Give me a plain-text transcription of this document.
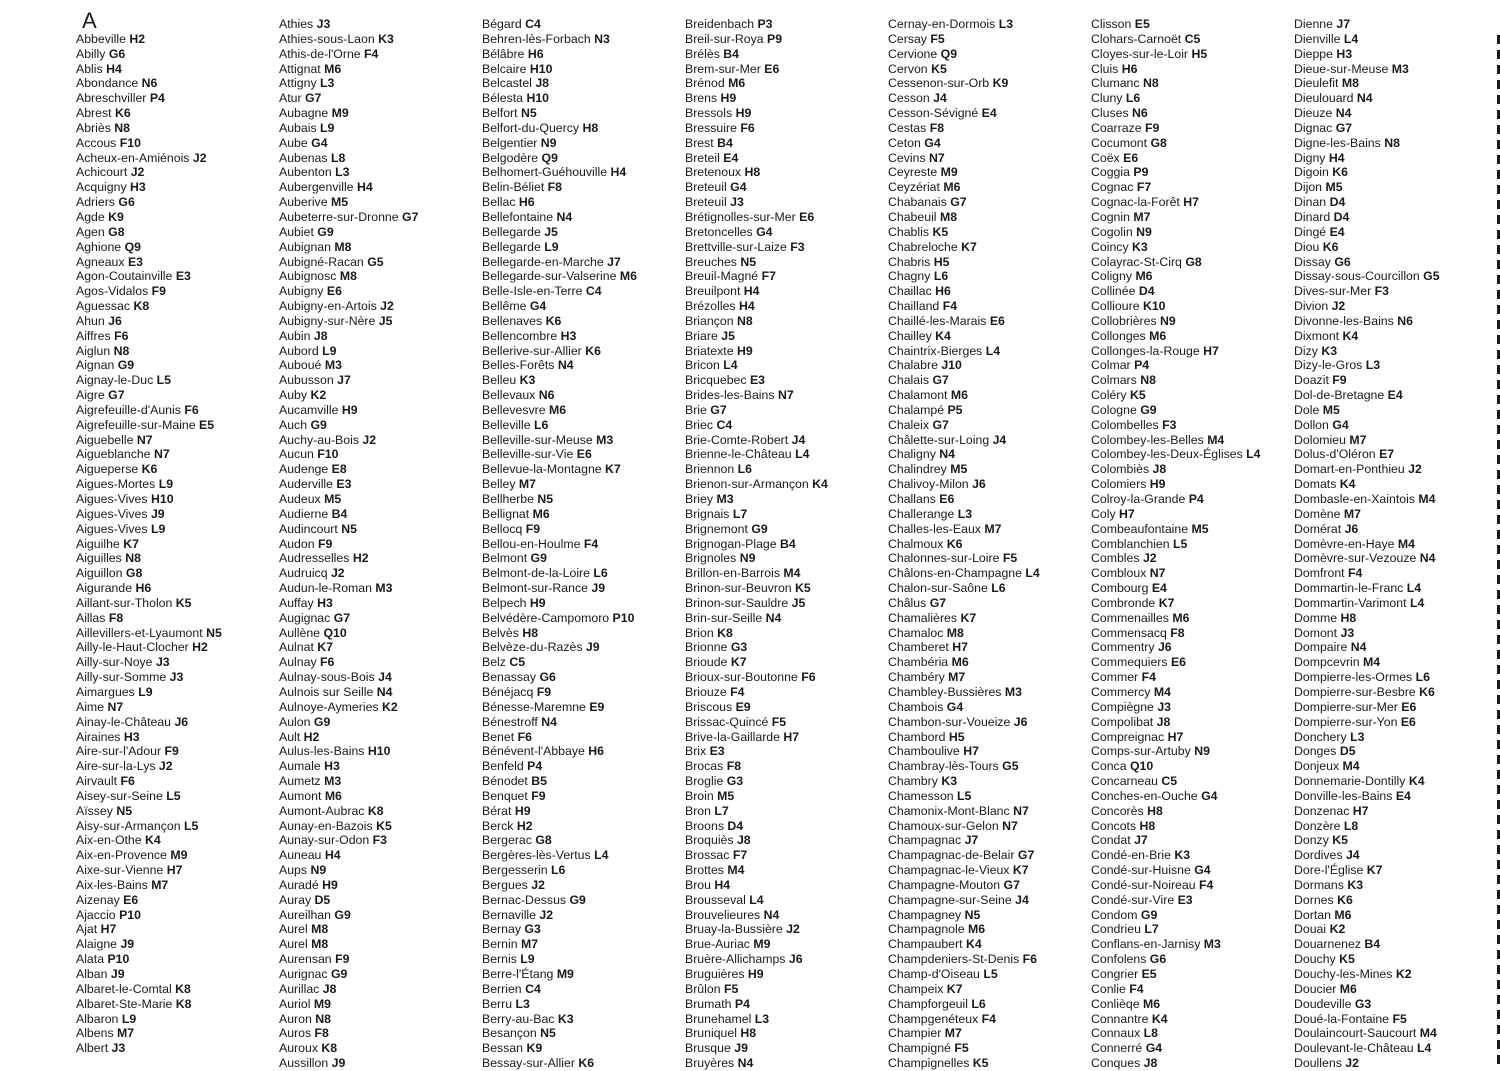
A
Abbeville H2
Abilly G6
Ablis H4
Abondance N6
Abreschviller P4
Abrest K6
Abriès N8
Accous F10
Acheux-en-Amiénois J2
Achicourt J2
Acquigny H3
Adriers G6
Agde K9
Agen G8
Aghione Q9
Agneaux E3
Agon-Coutainville E3
Agos-Vidalos F9
Aguessac K8
Ahun J6
Aiffres F6
Aiglun N8
Aignan G9
Aignay-le-Duc L5
Aigre G7
Aigrefeuille-d'Aunis F6
Aigrefeuille-sur-Maine E5
Aiguebelle N7
Aigueblanche N7
Aigueperse K6
Aigues-Mortes L9
Aigues-Vives H10
Aigues-Vives J9
Aigues-Vives L9
Aiguilhe K7
Aiguilles N8
Aiguillon G8
Aigurande H6
Aillant-sur-Tholon K5
Aillas F8
Aillevillers-et-Lyaumont N5
Ailly-le-Haut-Clocher H2
Ailly-sur-Noye J3
Ailly-sur-Somme J3
Aimargues L9
Aime N7
Ainay-le-Château J6
Airaines H3
Aire-sur-l'Adour F9
Aire-sur-la-Lys J2
Airvault F6
Aisey-sur-Seine L5
Aïssey N5
Aisy-sur-Armançon L5
Aix-en-Othe K4
Aix-en-Provence M9
Aixe-sur-Vienne H7
Aix-les-Bains M7
Aizenay E6
Ajaccio P10
Ajat H7
Alaigne J9
Alata P10
Alban J9
Albaret-le-Comtal K8
Albaret-Ste-Marie K8
Albaron L9
Albens M7
Albert J3
Athies J3
Athies-sous-Laon K3
Athis-de-l'Orne F4
Attignat M6
Attigny L3
Atur G7
Aubagne M9
Aubais L9
Aube G4
Aubenas L8
Aubenton L3
Aubergenville H4
Auberive M5
Aubeterre-sur-Dronne G7
Aubiet G9
Aubignan M8
Aubigné-Racan G5
Aubignosc M8
Aubigny E6
Aubigny-en-Artois J2
Aubigny-sur-Nère J5
Aubin J8
Aubord L9
Auboué M3
Aubusson J7
Auby K2
Aucamville H9
Auch G9
Auchy-au-Bois J2
Aucun F10
Audenge E8
Auderville E3
Audeux M5
Audierne B4
Audincourt N5
Audon F9
Audresselles H2
Audruicq J2
Audun-le-Roman M3
Auffay H3
Augignac G7
Aullène Q10
Aulnat K7
Aulnay F6
Aulnay-sous-Bois J4
Aulnois sur Seille N4
Aulnoye-Aymeries K2
Aulon G9
Ault H2
Aulus-les-Bains H10
Aumale H3
Aumetz M3
Aumont M6
Aumont-Aubrac K8
Aunay-en-Bazois K5
Aunay-sur-Odon F3
Auneau H4
Aups N9
Auradé H9
Auray D5
Aureilhan G9
Aurel M8
Aurel M8
Aurensan F9
Aurignac G9
Aurillac J8
Auriol M9
Auron N8
Auros F8
Auroux K8
Aussillon J9
Bégard C4
Behren-lès-Forbach N3
Bélâbre H6
Belcaire H10
Belcastel J8
Bélesta H10
Belfort N5
Belfort-du-Quercy H8
Belgentier N9
Belgodère Q9
Belhomert-Guéhouville H4
Belin-Béliet F8
Bellac H6
Bellefontaine N4
Bellegarde J5
Bellegarde L9
Bellegarde-en-Marche J7
Bellegarde-sur-Valserine M6
Belle-Isle-en-Terre C4
Bellême G4
Bellenaves K6
Bellencombre H3
Bellerive-sur-Allier K6
Belles-Forêts N4
Belleu K3
Bellevaux N6
Bellevesvre M6
Belleville L6
Belleville-sur-Meuse M3
Belleville-sur-Vie E6
Bellevue-la-Montagne K7
Belley M7
Bellherbe N5
Bellignat M6
Bellocq F9
Bellou-en-Houlme F4
Belmont G9
Belmont-de-la-Loire L6
Belmont-sur-Rance J9
Belpech H9
Belvédère-Campomoro P10
Belvès H8
Belvèze-du-Razès J9
Belz C5
Benassay G6
Bénéjacq F9
Bénesse-Maremne E9
Bénestroff N4
Benet F6
Bénévent-l'Abbaye H6
Benfeld P4
Bénodet B5
Benquet F9
Bérat H9
Berck H2
Bergerac G8
Bergères-lès-Vertus L4
Bergesserin L6
Bergues J2
Bernac-Dessus G9
Bernaville J2
Bernay G3
Bernin M7
Bernis L9
Berre-l'Étang M9
Berrien C4
Berru L3
Berry-au-Bac K3
Besançon N5
Bessan K9
Bessay-sur-Allier K6
Breidenbach P3
Breil-sur-Roya P9
Brélès B4
Brem-sur-Mer E6
Brénod M6
Brens H9
Bressols H9
Bressuire F6
Brest B4
Breteil E4
Bretenoux H8
Breteuil G4
Breteuil J3
Brétignolles-sur-Mer E6
Bretoncelles G4
Brettville-sur-Laize F3
Breuches N5
Breuil-Magné F7
Breuilpont H4
Brézolles H4
Briançon N8
Briare J5
Briatexte H9
Bricon L4
Bricquebec E3
Brides-les-Bains N7
Brie G7
Briec C4
Brie-Comte-Robert J4
Brienne-le-Château L4
Briennon L6
Brienon-sur-Armançon K4
Briey M3
Brignais L7
Brignemont G9
Brignogan-Plage B4
Brignoles N9
Brillon-en-Barrois M4
Brinon-sur-Beuvron K5
Brinon-sur-Sauldre J5
Brin-sur-Seille N4
Brion K8
Brionne G3
Brioude K7
Brioux-sur-Boutonne F6
Briouze F4
Briscous E9
Brissac-Quincé F5
Brive-la-Gaillarde H7
Brix E3
Brocas F8
Broglie G3
Broin M5
Bron L7
Broons D4
Broquiès J8
Brossac F7
Brottes M4
Brou H4
Brousseval L4
Brouvelieures N4
Bruay-la-Bussière J2
Brue-Auriac M9
Bruère-Allichamps J6
Bruguières H9
Brûlon F5
Brumath P4
Brunehamel L3
Bruniquel H8
Brusque J9
Bruyères N4
Cernay-en-Dormois L3
Cersay F5
Cervione Q9
Cervon K5
Cessenon-sur-Orb K9
Cesson J4
Cesson-Sévigné E4
Cestas F8
Ceton G4
Cevins N7
Ceyreste M9
Ceyzériat M6
Chabanais G7
Chabeuil M8
Chablis K5
Chabreloche K7
Chabris H5
Chagny L6
Chaillac H6
Chailland F4
Chaillé-les-Marais E6
Chailley K4
Chaintrix-Bierges L4
Chalabre J10
Chalais G7
Chalamont M6
Chalampé P5
Chaleix G7
Châlette-sur-Loing J4
Chaligny N4
Chalindrey M5
Chalivoy-Milon J6
Challans E6
Challerange L3
Challes-les-Eaux M7
Chalmoux K6
Chalonnes-sur-Loire F5
Châlons-en-Champagne L4
Chalon-sur-Saône L6
Châlus G7
Chamalières K7
Chamaloc M8
Chamberet H7
Chambéria M6
Chambéry M7
Chambley-Bussières M3
Chambois G4
Chambon-sur-Voueize J6
Chambord H5
Chamboulive H7
Chambray-lès-Tours G5
Chambry K3
Chamesson L5
Chamonix-Mont-Blanc N7
Chamoux-sur-Gelon N7
Champagnac J7
Champagnac-de-Belair G7
Champagnac-le-Vieux K7
Champagne-Mouton G7
Champagne-sur-Seine J4
Champagney N5
Champagnole M6
Champaubert K4
Champdeniers-St-Denis F6
Champ-d'Oiseau L5
Champeix K7
Champforgeuil L6
Champgenéteux F4
Champier M7
Champigné F5
Champignelles K5
Clisson E5
Clohars-Carnoët C5
Cloyes-sur-le-Loir H5
Cluis H6
Clumanc N8
Cluny L6
Cluses N6
Coarraze F9
Cocumont G8
Coëx E6
Coggia P9
Cognac F7
Cognac-la-Forêt H7
Cognin M7
Cogolin N9
Coincy K3
Colayrac-St-Cirq G8
Coligny M6
Collinée D4
Collioure K10
Collobrières N9
Collonges M6
Collonges-la-Rouge H7
Colmar P4
Colmars N8
Coléry K5
Cologne G9
Colombelles F3
Colombey-les-Belles M4
Colombey-les-Deux-Églises L4
Colombiès J8
Colomiers H9
Colroy-la-Grande P4
Coly H7
Combeaufontaine M5
Comblanchien L5
Combles J2
Combloux N7
Combourg E4
Combronde K7
Commenailles M6
Commensacq F8
Commentry J6
Commequiers E6
Commer F4
Commercy M4
Compiègne J3
Compolibat J8
Compreignac H7
Comps-sur-Artuby N9
Conca Q10
Concarneau C5
Conches-en-Ouche G4
Concorès H8
Concots H8
Condat J7
Condé-en-Brie K3
Condé-sur-Huisne G4
Condé-sur-Noireau F4
Condé-sur-Vire E3
Condom G9
Condrieu L7
Conflans-en-Jarnisy M3
Confolens G6
Congrier E5
Conlie F4
Conlièqe M6
Connantre K4
Connaux L8
Connerré G4
Conques J8
Dienne J7
Dienville L4
Dieppe H3
Dieue-sur-Meuse M3
Dieulefit M8
Dieulouard N4
Dieuze N4
Dignac G7
Digne-les-Bains N8
Digny H4
Digoin K6
Dijon M5
Dinan D4
Dinard D4
Dingé E4
Diou K6
Dissay G6
Dissay-sous-Courcillon G5
Dives-sur-Mer F3
Divion J2
Divonne-les-Bains N6
Dixmont K4
Dizy K3
Dizy-le-Gros L3
Doazit F9
Dol-de-Bretagne E4
Dole M5
Dollon G4
Dolomieu M7
Dolus-d'Oléron E7
Domart-en-Ponthieu J2
Domats K4
Dombasle-en-Xaintois M4
Domène M7
Domérat J6
Domèvre-en-Haye M4
Domèvre-sur-Vezouze N4
Domfront F4
Dommartin-le-Franc L4
Dommartin-Varimont L4
Domme H8
Domont J3
Dompaire N4
Dompcevrin M4
Dompierre-les-Ormes L6
Dompierre-sur-Besbre K6
Dompierre-sur-Mer E6
Dompierre-sur-Yon E6
Donchery L3
Donges D5
Donjeux M4
Donnemarie-Dontilly K4
Donville-les-Bains E4
Donzenac H7
Donzère L8
Donzy K5
Dordives J4
Dore-l'Église K7
Dormans K3
Dornes K6
Dortan M6
Douai K2
Douarnenez B4
Douchy K5
Douchy-les-Mines K2
Doucier M6
Doudeville G3
Doué-la-Fontaine F5
Doulaincourt-Saucourt M4
Doulevant-le-Château L4
Doullens J2
